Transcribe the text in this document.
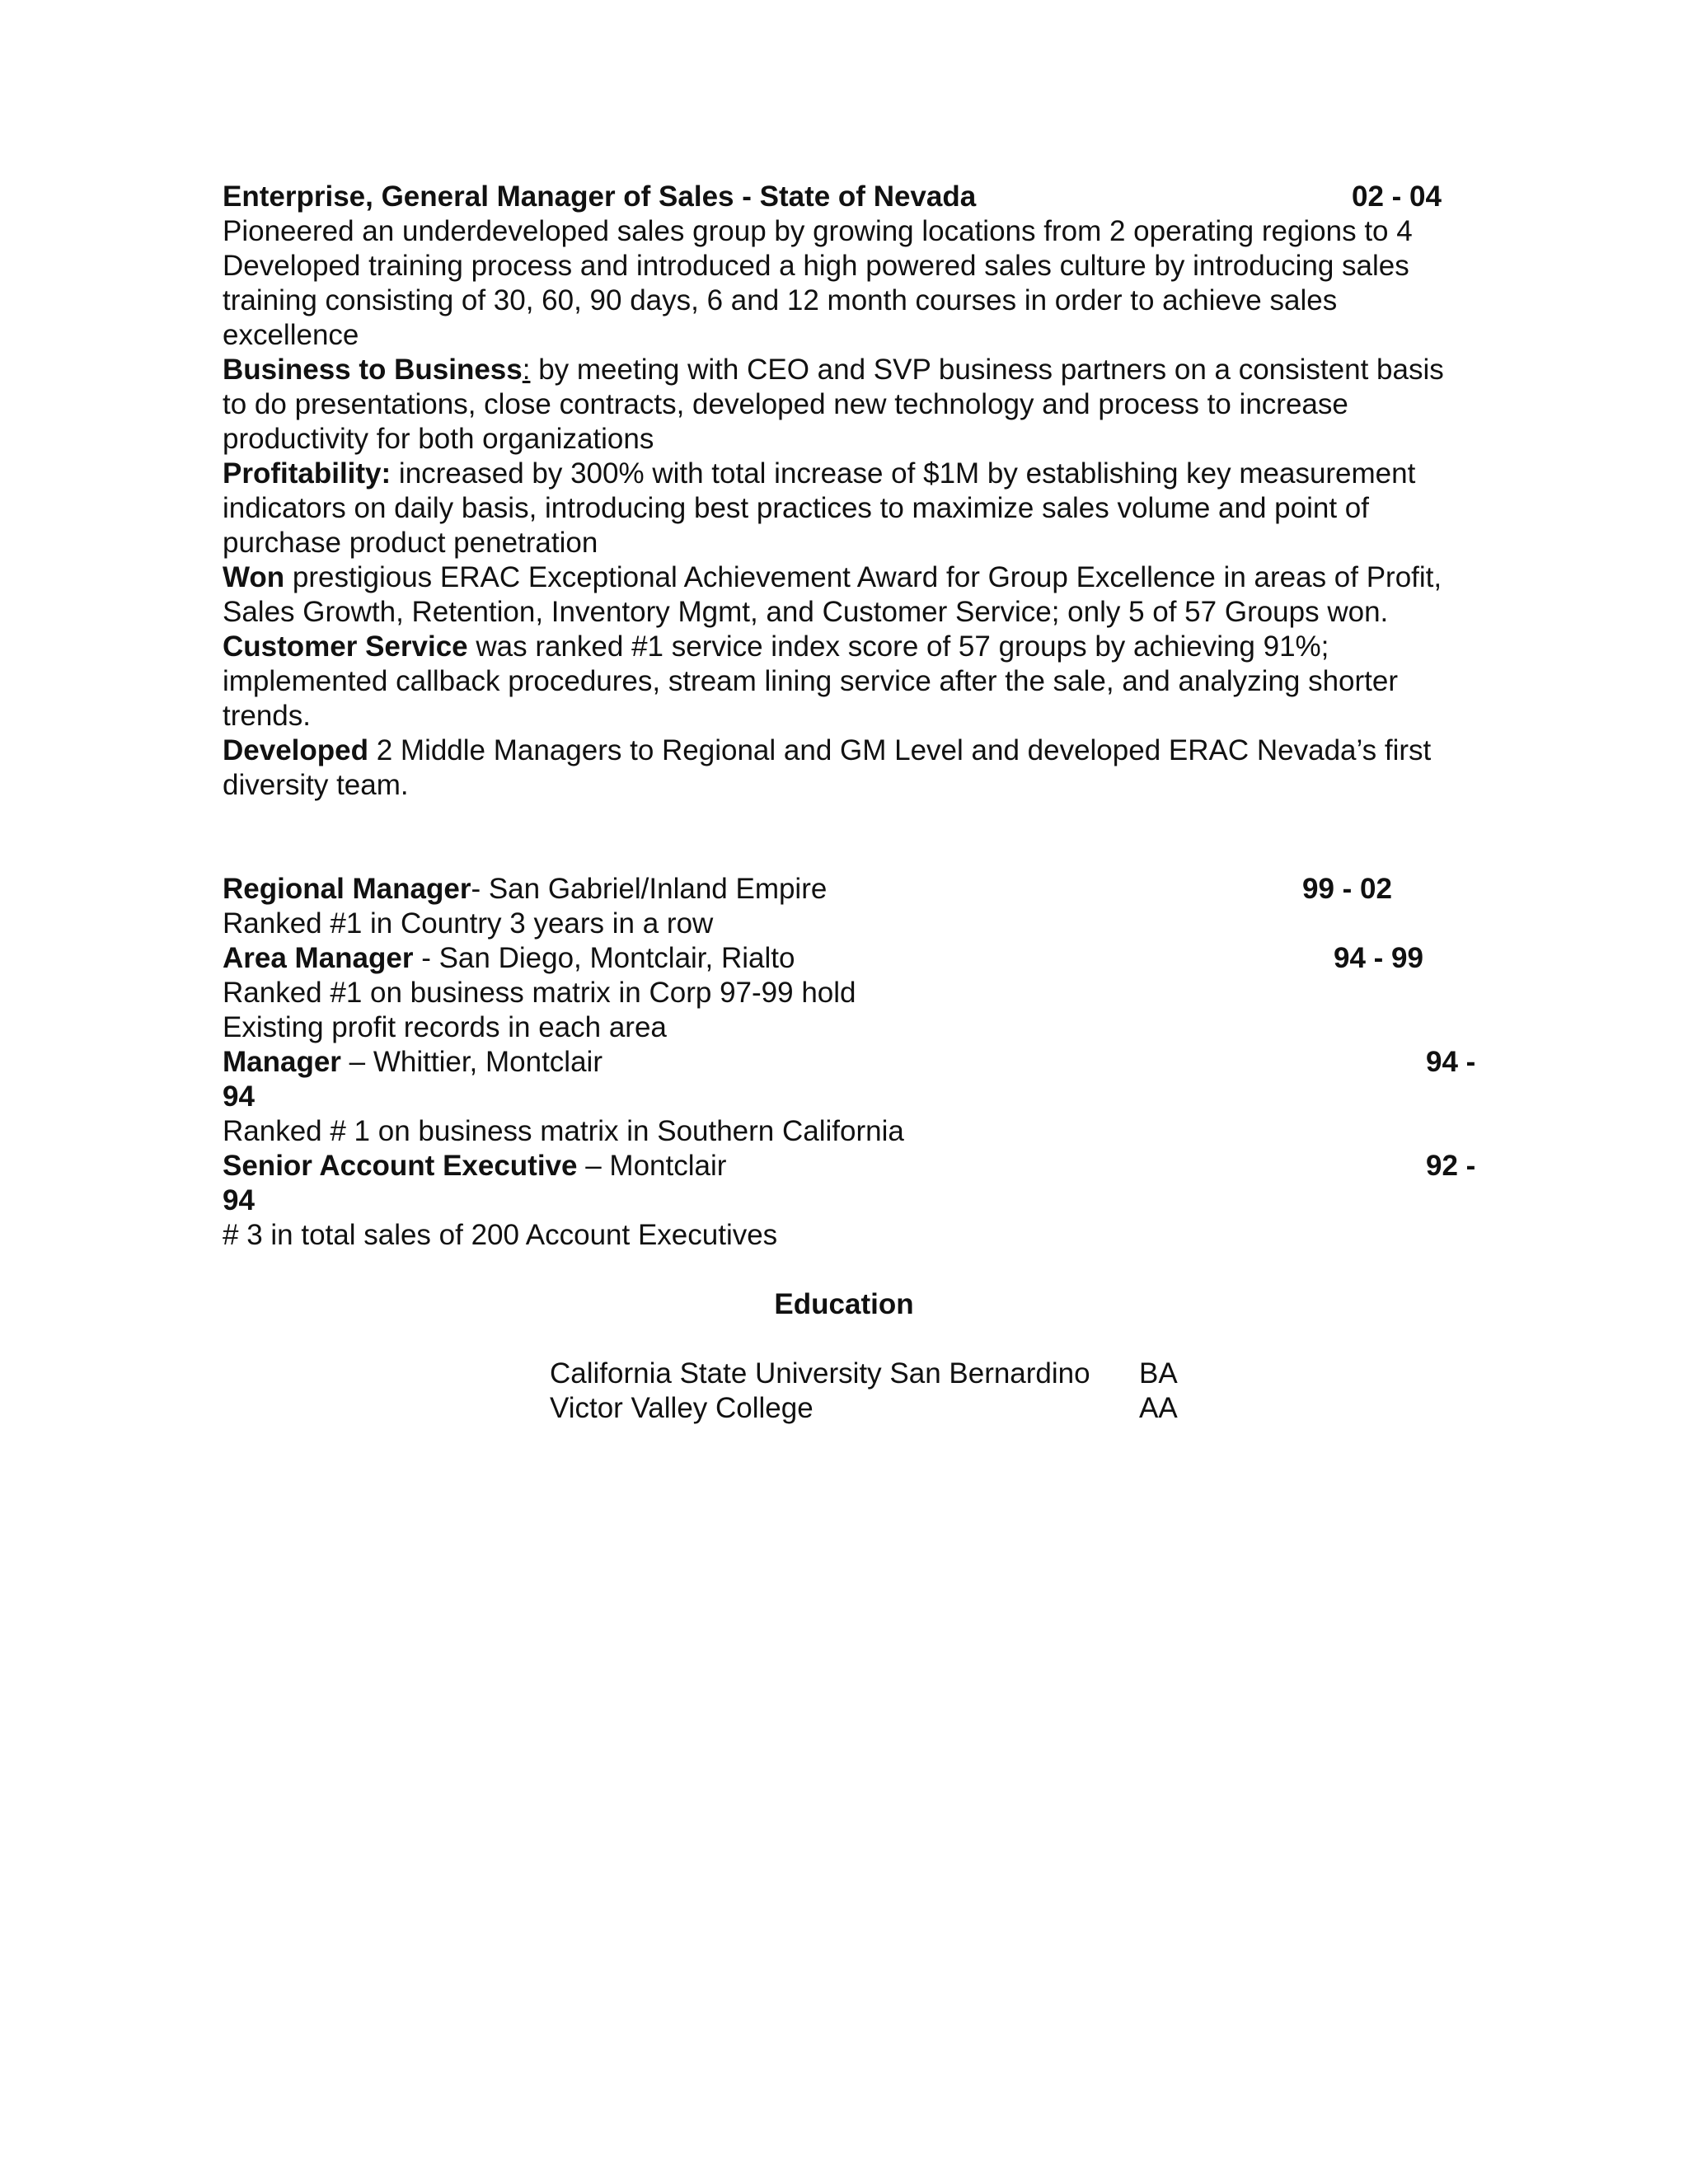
Enterprise, General Manager of Sales - State of Nevada	02 - 04
Pioneered an underdeveloped sales group by growing locations from 2 operating regions to 4
Developed training process and introduced a high powered sales culture by introducing sales
training consisting of 30, 60, 90 days, 6 and 12 month courses in order to achieve sales
excellence
Business to Business: by meeting with CEO and SVP business partners on a consistent basis
to do presentations, close contracts, developed new technology and process to increase
productivity for both organizations
Profitability: increased by 300% with total increase of $1M by establishing key measurement
indicators on daily basis, introducing best practices to maximize sales volume and point of
purchase product penetration
Won prestigious ERAC Exceptional Achievement Award for Group Excellence in areas of Profit,
Sales Growth, Retention, Inventory Mgmt, and Customer Service; only 5 of 57 Groups won.
Customer Service was ranked #1 service index score of 57 groups by achieving 91%;
implemented callback procedures, stream lining service after the sale, and analyzing shorter
trends.
Developed 2 Middle Managers to Regional and GM Level and developed ERAC Nevada’s first
diversity team.
Regional Manager- San Gabriel/Inland Empire	99 - 02
Ranked #1 in Country 3 years in a row
Area Manager - San Diego, Montclair, Rialto	94 - 99
Ranked #1 on business matrix in Corp 97-99 hold
Existing profit records in each area
Manager – Whittier, Montclair	94 -
94
Ranked # 1 on business matrix in Southern California
Senior Account Executive – Montclair	92 -
94
# 3 in total sales of 200 Account Executives
Education
California State University San Bernardino BA
Victor Valley College	AA
